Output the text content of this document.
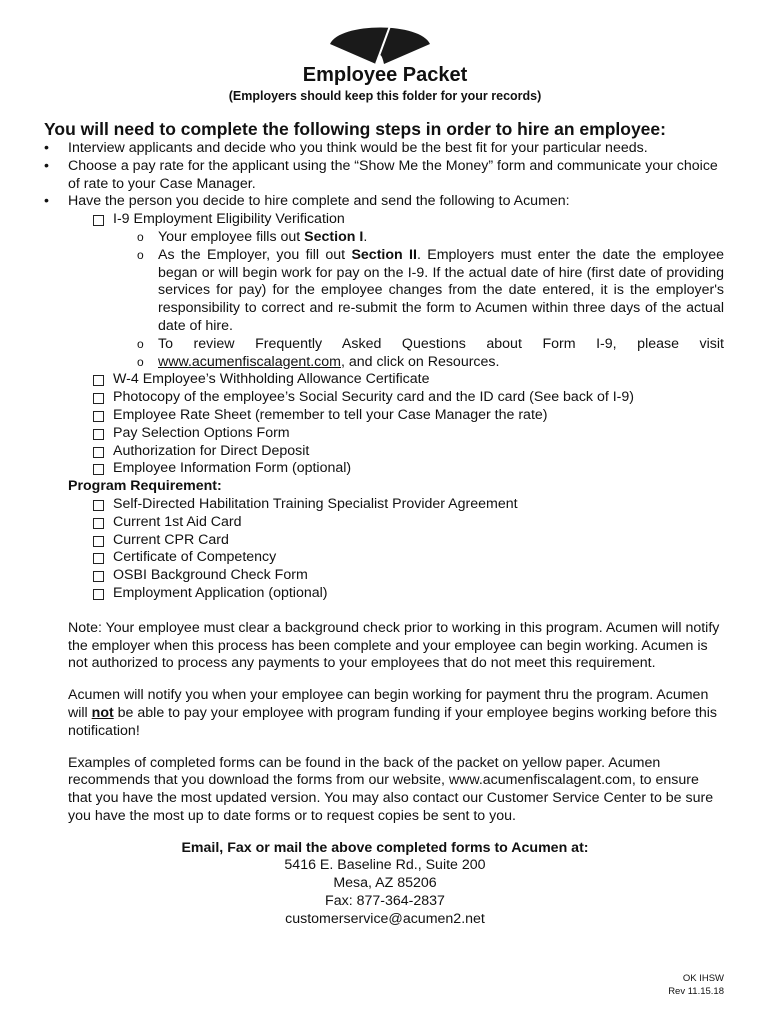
Employee Packet
(Employers should keep this folder for your records)
You will need to complete the following steps in order to hire an employee:
• Interview applicants and decide who you think would be the best fit for your particular needs.
• Choose a pay rate for the applicant using the “Show Me the Money” form and communicate your choice of rate to your Case Manager.
• Have the person you decide to hire complete and send the following to Acumen:
I-9 Employment Eligibility Verification
o Your employee fills out Section I.
o As the Employer, you fill out Section II. Employers must enter the date the employee began or will begin work for pay on the I-9. If the actual date of hire (first date of providing services for pay) for the employee changes from the date entered, it is the employer's responsibility to correct and re-submit the form to Acumen within three days of the actual date of hire.
o To review Frequently Asked Questions about Form I-9, please visit
o www.acumenfiscalagent.com, and click on Resources.
W-4 Employee’s Withholding Allowance Certificate
Photocopy of the employee’s Social Security card and the ID card (See back of I-9)
Employee Rate Sheet (remember to tell your Case Manager the rate)
Pay Selection Options Form
Authorization for Direct Deposit
Employee Information Form (optional)
Program Requirement:
Self-Directed Habilitation Training Specialist Provider Agreement
Current 1st Aid Card
Current CPR Card
Certificate of Competency
OSBI Background Check Form
Employment Application (optional)
Note: Your employee must clear a background check prior to working in this program. Acumen will notify the employer when this process has been complete and your employee can begin working. Acumen is not authorized to process any payments to your employees that do not meet this requirement.
Acumen will notify you when your employee can begin working for payment thru the program. Acumen will not be able to pay your employee with program funding if your employee begins working before this notification!
Examples of completed forms can be found in the back of the packet on yellow paper. Acumen recommends that you download the forms from our website, www.acumenfiscalagent.com, to ensure that you have the most updated version. You may also contact our Customer Service Center to be sure you have the most up to date forms or to request copies be sent to you.
Email, Fax or mail the above completed forms to Acumen at:
5416 E. Baseline Rd., Suite 200
Mesa, AZ 85206
Fax: 877-364-2837
customerservice@acumen2.net
OK IHSW
Rev 11.15.18
